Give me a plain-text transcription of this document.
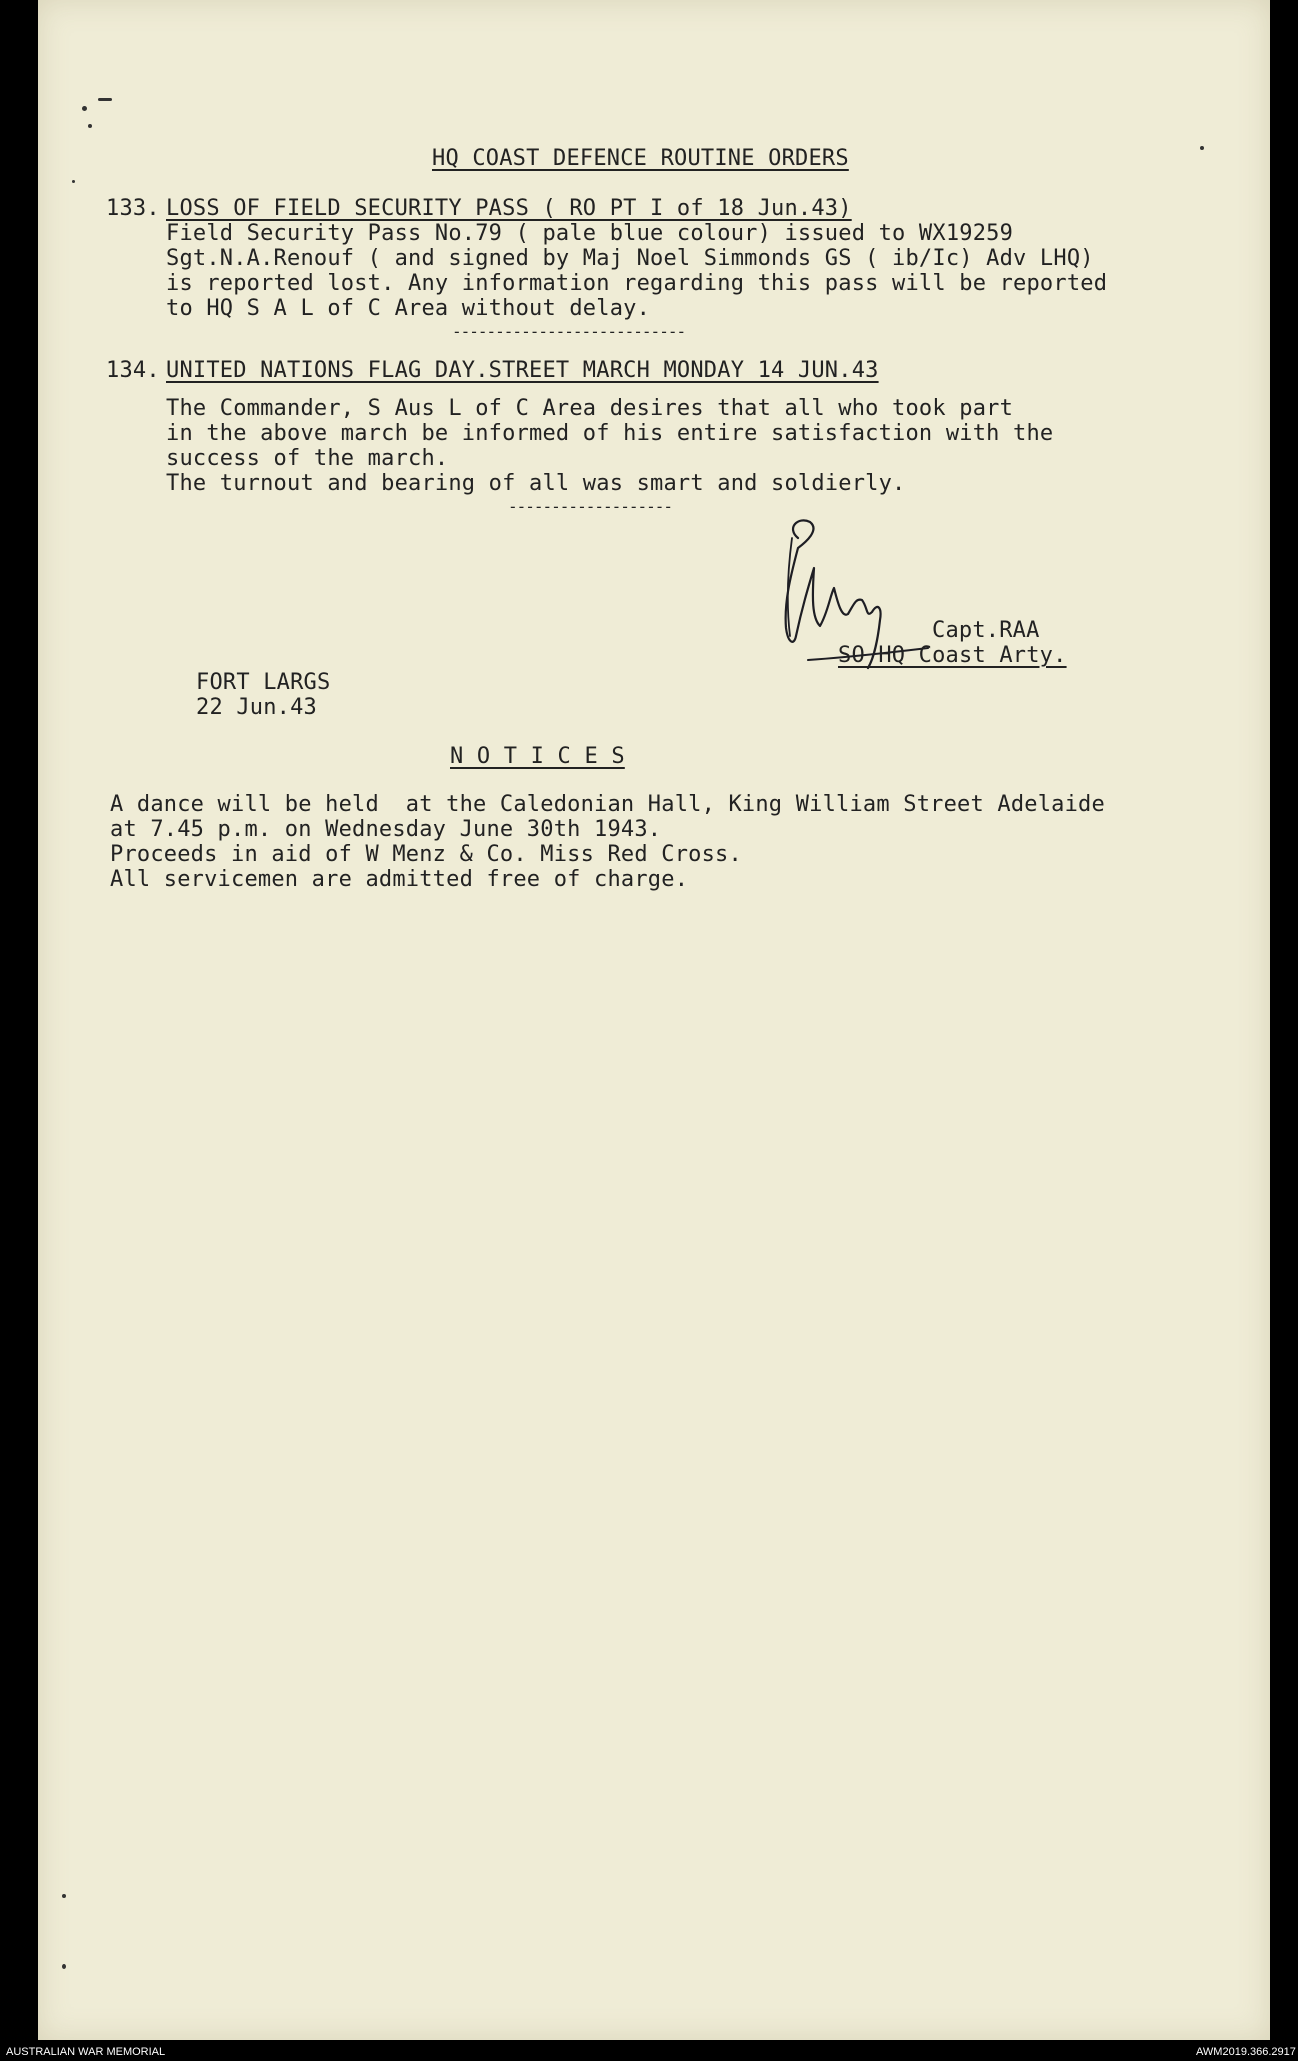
HQ COAST DEFENCE ROUTINE ORDERS
133. LOSS OF FIELD SECURITY PASS ( RO PT I of 18 Jun.43)
Field Security Pass No.79 ( pale blue colour) issued to WX19259
Sgt.N.A.Renouf ( and signed by Maj Noel Simmonds GS ( ib/Ic) Adv LHQ)
is reported lost. Any information regarding this pass will be reported
to HQ S A L of C Area without delay.
---------------------------
134. UNITED NATIONS FLAG DAY.STREET MARCH MONDAY 14 JUN.43
The Commander, S Aus L of C Area desires that all who took part
in the above march be informed of his entire satisfaction with the
success of the march.
The turnout and bearing of all was smart and soldierly.
-------------------
Capt.RAA
SO HQ Coast Arty.
FORT LARGS
22 Jun.43
N O T I C E S
A dance will be held  at the Caledonian Hall, King William Street Adelaide
at 7.45 p.m. on Wednesday June 30th 1943.
Proceeds in aid of W Menz & Co. Miss Red Cross.
All servicemen are admitted free of charge.
AUSTRALIAN WAR MEMORIAL	AWM2019.366.2917
